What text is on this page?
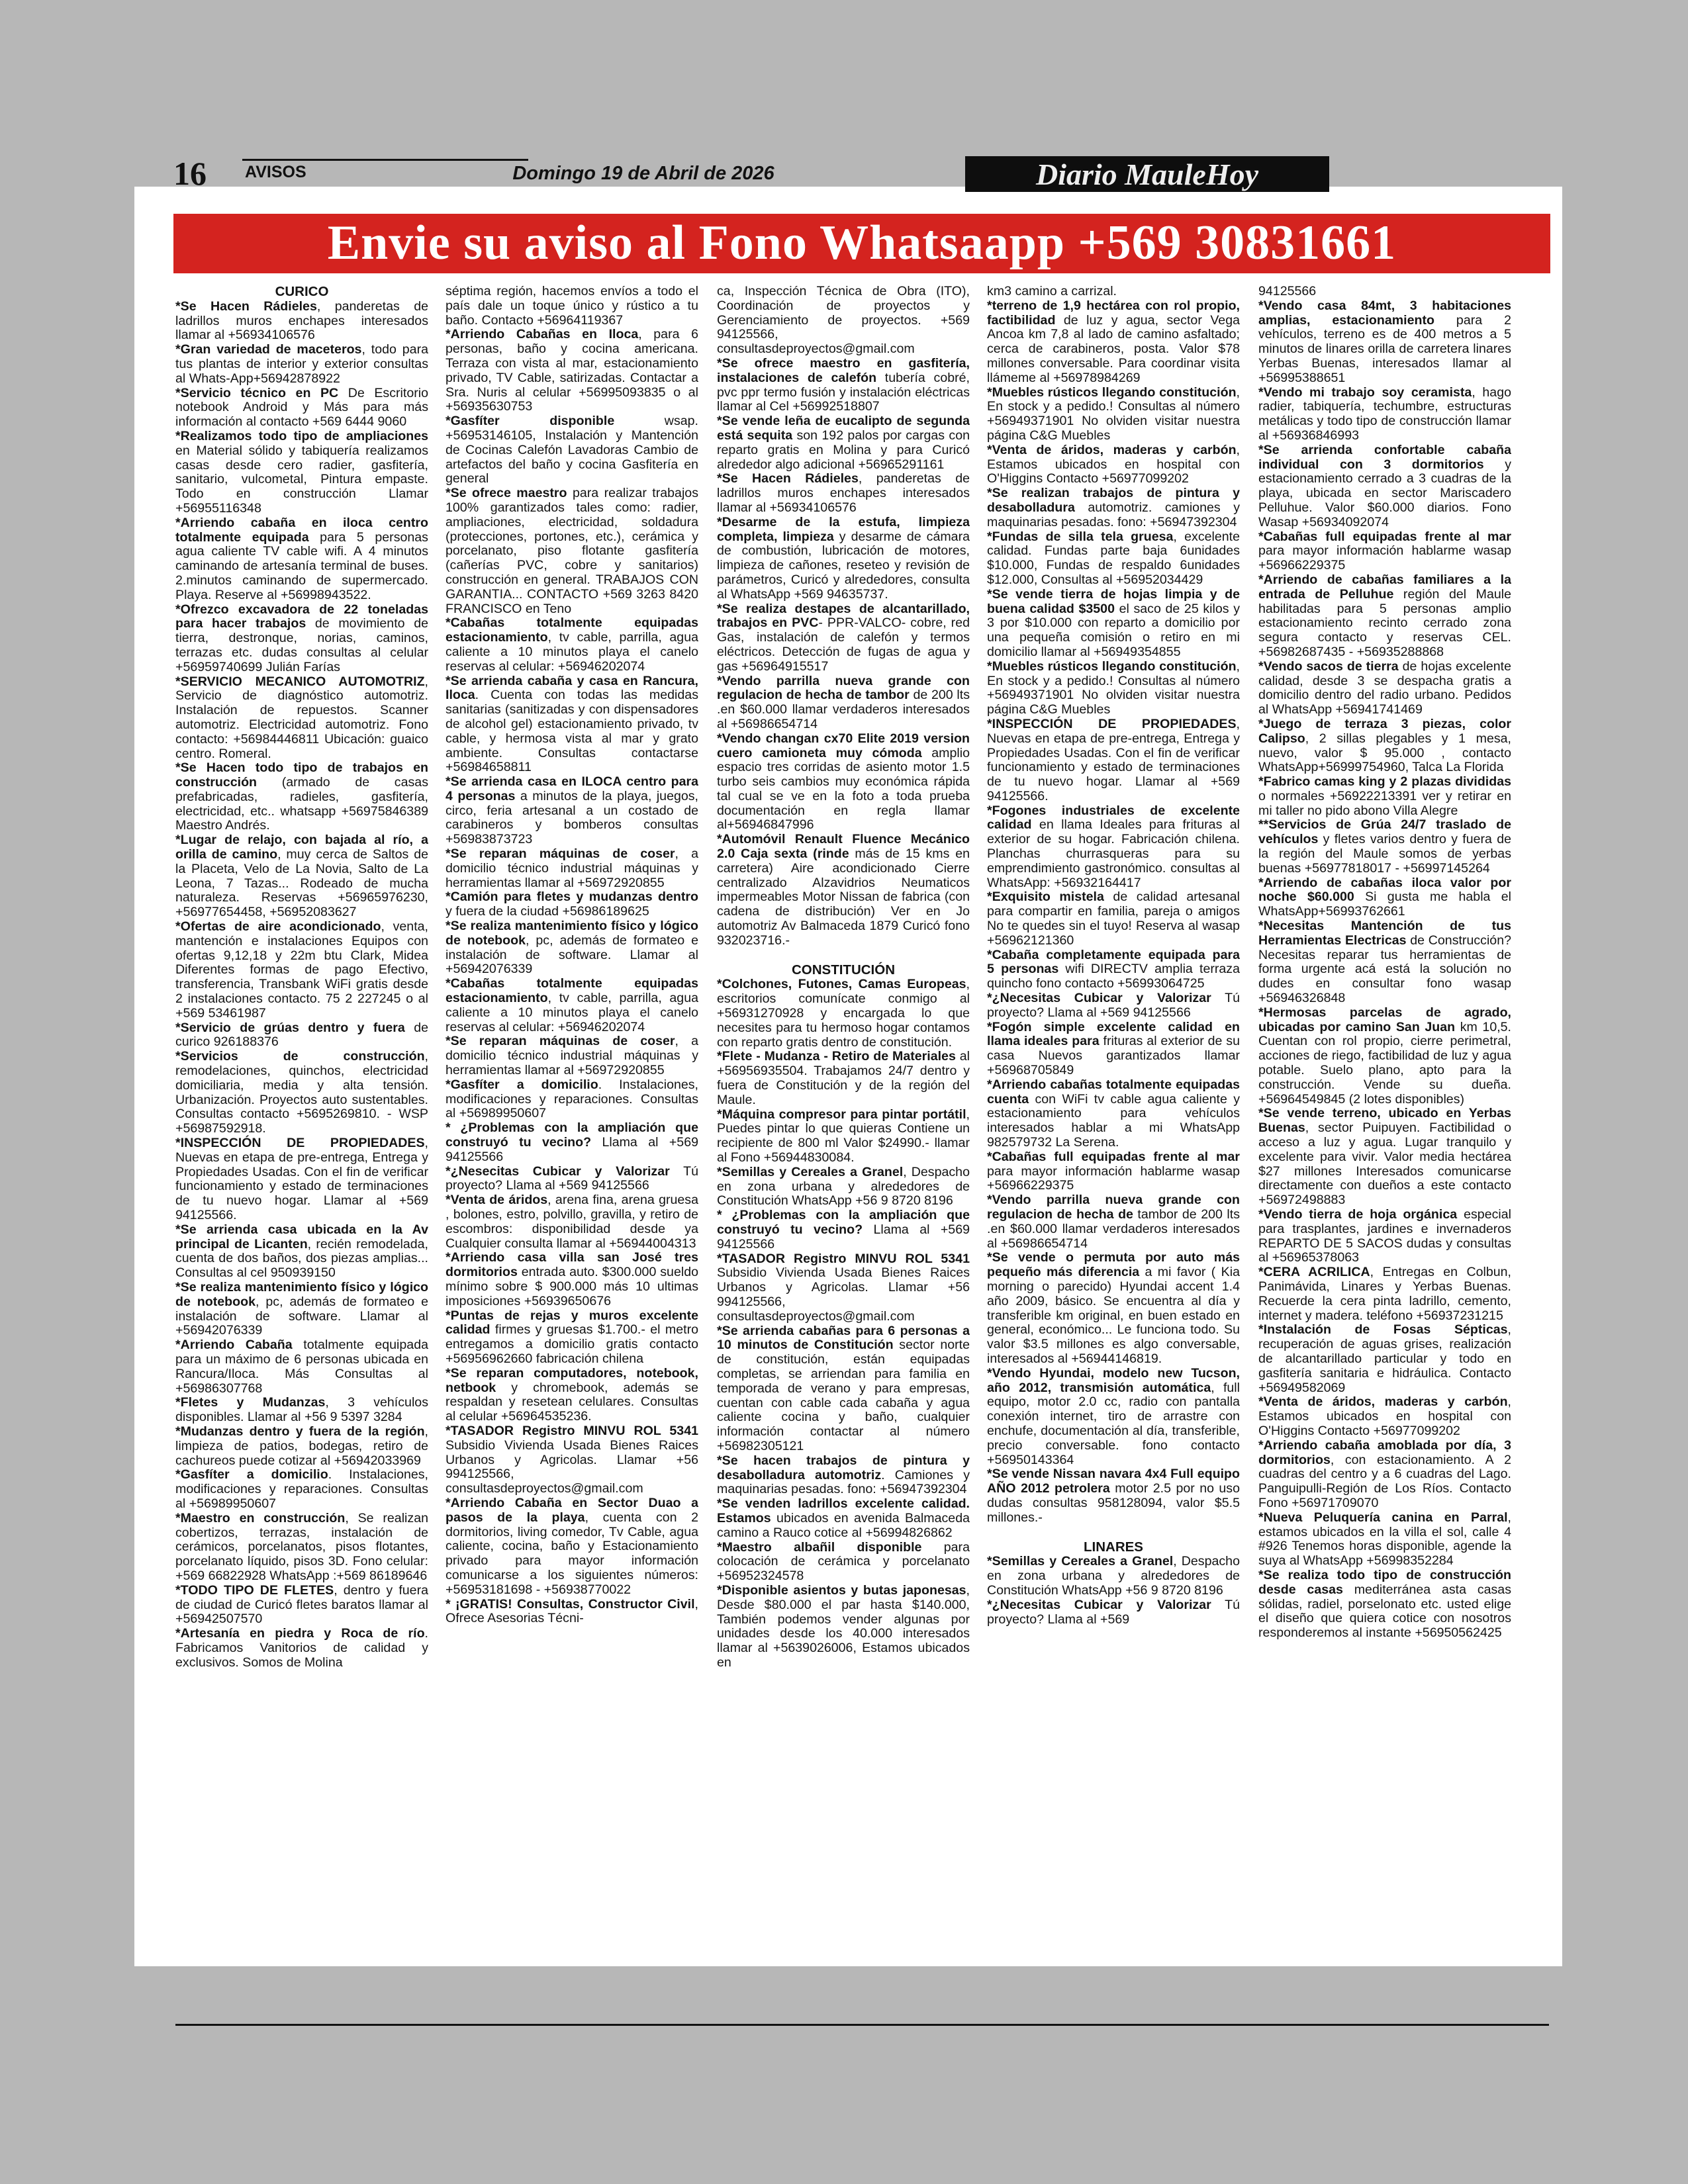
16 AVISOS	Domingo 19 de Abril de 2026	Diario MauleHoy
Envie su aviso al Fono Whatsaapp +569 30831661
CURICO

*Se Hacen Rádieles, panderetas de ladrillos muros enchapes interesados llamar al +56934106576

*Gran variedad de maceteros, todo para tus plantas de interior y exterior consultas al Whats-App+56942878922

*Servicio técnico en PC De Escritorio notebook Android y Más para más información al contacto +569 6444 9060

*Realizamos todo tipo de ampliaciones en Material sólido y tabiquería realizamos casas desde cero radier, gasfitería, sanitario, vulcometal, Pintura empaste. Todo en construcción Llamar +56955116348

*Arriendo cabaña en iloca centro totalmente equipada para 5 personas agua caliente TV cable wifi. A 4 minutos caminando de artesanía terminal de buses. 2.minutos caminando de supermercado. Playa. Reserve al +56998943522.

*Ofrezco excavadora de 22 toneladas para hacer trabajos de movimiento de tierra, destronque, norias, caminos, terrazas etc. dudas consultas al celular +56959740699 Julián Farías

*SERVICIO MECANICO AUTOMOTRIZ, Servicio de diagnóstico automotriz. Instalación de repuestos. Scanner automotriz. Electricidad automotriz. Fono contacto: +56984446811 Ubicación: guaico centro. Romeral.

*Se Hacen todo tipo de trabajos en construcción (armado de casas prefabricadas, radieles, gasfitería, electricidad, etc.. whatsapp +56975846389 Maestro Andrés.

*Lugar de relajo, con bajada al río, a orilla de camino, muy cerca de Saltos de la Placeta, Velo de La Novia, Salto de La Leona, 7 Tazas... Rodeado de mucha naturaleza. Reservas +56965976230, +56977654458, +56952083627

*Ofertas de aire acondicionado, venta, mantención e instalaciones Equipos con ofertas 9,12,18 y 22m btu Clark, Midea Diferentes formas de pago Efectivo, transferencia, Transbank WiFi gratis desde 2 instalaciones contacto. 75 2 227245 o al +569 53461987

*Servicio de grúas dentro y fuera de curico 926188376

*Servicios de construcción, remodelaciones, quinchos, electricidad domiciliaria, media y alta tensión. Urbanización. Proyectos auto sustentables. Consultas contacto +5695269810. - WSP +56987592918.

*INSPECCIÓN DE PROPIEDADES, Nuevas en etapa de pre-entrega, Entrega y Propiedades Usadas. Con el fin de verificar funcionamiento y estado de terminaciones de tu nuevo hogar. Llamar al +569 94125566.

*Se arrienda casa ubicada en la Av principal de Licanten, recién remodelada, cuenta de dos baños, dos piezas amplias... Consultas al cel 950939150

*Se realiza mantenimiento físico y lógico de notebook, pc, además de formateo e instalación de software. Llamar al +56942076339

*Arriendo Cabaña totalmente equipada para un máximo de 6 personas ubicada en Rancura/Iloca. Más Consultas al +56986307768

*Fletes y Mudanzas, 3 vehículos disponibles. Llamar al +56 9 5397 3284

*Mudanzas dentro y fuera de la región, limpieza de patios, bodegas, retiro de cachureos puede cotizar al +56942033969

*Gasfíter a domicilio. Instalaciones, modificaciones y reparaciones. Consultas al +56989950607

*Maestro en construcción, Se realizan cobertizos, terrazas, instalación de cerámicos, porcelanatos, pisos flotantes, porcelanato líquido, pisos 3D. Fono celular: +569 66822928 WhatsApp :+569 86189646

*TODO TIPO DE FLETES, dentro y fuera de ciudad de Curicó fletes baratos llamar al +56942507570

*Artesanía en piedra y Roca de río. Fabricamos Vanitorios de calidad y exclusivos. Somos de Molina

séptima región, hacemos envíos a todo el país dale un toque único y rústico a tu baño. Contacto +56964119367

*Arriendo Cabañas en Iloca, para 6 personas, baño y cocina americana. Terraza con vista al mar, estacionamiento privado, TV Cable, satirizadas. Contactar a Sra. Nuris al celular +56995093835 o al +56935630753

*Gasfíter disponible wsap. +56953146105, Instalación y Mantención de Cocinas Calefón Lavadoras Cambio de artefactos del baño y cocina Gasfitería en general

*Se ofrece maestro para realizar trabajos 100% garantizados tales como: radier, ampliaciones, electricidad, soldadura (protecciones, portones, etc.), cerámica y porcelanato, piso flotante gasfitería (cañerías PVC, cobre y sanitarios) construcción en general. TRABAJOS CON GARANTIA... CONTACTO +569 3263 8420 FRANCISCO en Teno

*Cabañas totalmente equipadas estacionamiento, tv cable, parrilla, agua caliente a 10 minutos playa el canelo reservas al celular: +56946202074

*Se arrienda cabaña y casa en Rancura, Iloca. Cuenta con todas las medidas sanitarias (sanitizadas y con dispensadores de alcohol gel) estacionamiento privado, tv cable, y hermosa vista al mar y grato ambiente. Consultas contactarse +56984658811

*Se arrienda casa en ILOCA centro para 4 personas a minutos de la playa, juegos, circo, feria artesanal a un costado de carabineros y bomberos consultas +56983873723

*Se reparan máquinas de coser, a domicilio técnico industrial máquinas y herramientas llamar al +56972920855

*Camión para fletes y mudanzas dentro y fuera de la ciudad +56986189625

*Se realiza mantenimiento físico y lógico de notebook, pc, además de formateo e instalación de software. Llamar al +56942076339

*Cabañas totalmente equipadas estacionamiento, tv cable, parrilla, agua caliente a 10 minutos playa el canelo reservas al celular: +56946202074

*Se reparan máquinas de coser, a domicilio técnico industrial máquinas y herramientas llamar al +56972920855

*Gasfíter a domicilio. Instalaciones, modificaciones y reparaciones. Consultas al +56989950607

* ¿Problemas con la ampliación que construyó tu vecino? Llama al +569 94125566

*¿Nesecitas Cubicar y Valorizar Tú proyecto? Llama al +569 94125566

*Venta de áridos, arena fina, arena gruesa , bolones, estro, polvillo, gravilla, y retiro de escombros: disponibilidad desde ya Cualquier consulta llamar al +56944004313

*Arriendo casa villa san José tres dormitorios entrada auto. $300.000 sueldo mínimo sobre $ 900.000 más 10 ultimas imposiciones +56939650676

*Puntas de rejas y muros excelente calidad firmes y gruesas $1.700.- el metro entregamos a domicilio gratis contacto +56956962660 fabricación chilena

*Se reparan computadores, notebook, netbook y chromebook, además se respaldan y resetean celulares. Consultas al celular +56964535236.

*TASADOR Registro MINVU ROL 5341 Subsidio Vivienda Usada Bienes Raices Urbanos y Agricolas. Llamar +56 994125566, consultasdeproyectos@gmail.com

*Arriendo Cabaña en Sector Duao a pasos de la playa, cuenta con 2 dormitorios, living comedor, Tv Cable, agua caliente, cocina, baño y Estacionamiento privado para mayor información comunicarse a los siguientes números: +56953181698 - +56938770022

* ¡GRATIS! Consultas, Constructor Civil, Ofrece Asesorias Técni-

ca, Inspección Técnica de Obra (ITO), Coordinación de proyectos y Gerenciamiento de proyectos. +569 94125566, consultasdeproyectos@gmail.com

*Se ofrece maestro en gasfitería, instalaciones de calefón tubería cobré, pvc ppr termo fusión y instalación eléctricas llamar al Cel +56992518807

*Se vende leña de eucalipto de segunda está sequita son 192 palos por cargas con reparto gratis en Molina y para Curicó alrededor algo adicional +56965291161

*Se Hacen Rádieles, panderetas de ladrillos muros enchapes interesados llamar al +56934106576

*Desarme de la estufa, limpieza completa, limpieza y desarme de cámara de combustión, lubricación de motores, limpieza de cañones, reseteo y revisión de parámetros, Curicó y alrededores, consulta al WhatsApp +569 94635737.

*Se realiza destapes de alcantarillado, trabajos en PVC- PPR-VALCO- cobre, red Gas, instalación de calefón y termos eléctricos. Detección de fugas de agua y gas +56964915517

*Vendo parrilla nueva grande con regulacion de hecha de tambor de 200 lts .en $60.000 llamar verdaderos interesados al +56986654714

*Vendo changan cx70 Elite 2019 version cuero camioneta muy cómoda amplio espacio tres corridas de asiento motor 1.5 turbo seis cambios muy económica rápida tal cual se ve en la foto a toda prueba documentación en regla llamar al+56946847996

*Automóvil Renault Fluence Mecánico 2.0 Caja sexta (rinde más de 15 kms en carretera) Aire acondicionado Cierre centralizado Alzavidrios Neumaticos impermeables Motor Nissan de fabrica (con cadena de distribución) Ver en Jo automotriz Av Balmaceda 1879 Curicó fono 932023716.-

CONSTITUCIÓN

*Colchones, Futones, Camas Europeas, escritorios comunícate conmigo al +56931270928 y encargada lo que necesites para tu hermoso hogar contamos con reparto gratis dentro de constitución.

*Flete - Mudanza - Retiro de Materiales al +56956935504. Trabajamos 24/7 dentro y fuera de Constitución y de la región del Maule.

*Máquina compresor para pintar portátil, Puedes pintar lo que quieras Contiene un recipiente de 800 ml Valor $24990.- llamar al Fono +56944830084.

*Semillas y Cereales a Granel, Despacho en zona urbana y alrededores de Constitución WhatsApp +56 9 8720 8196

* ¿Problemas con la ampliación que construyó tu vecino? Llama al +569 94125566

*TASADOR Registro MINVU ROL 5341 Subsidio Vivienda Usada Bienes Raices Urbanos y Agricolas. Llamar +56 994125566, consultasdeproyectos@gmail.com

*Se arrienda cabañas para 6 personas a 10 minutos de Constitución sector norte de constitución, están equipadas completas, se arriendan para familia en temporada de verano y para empresas, cuentan con cable cada cabaña y agua caliente cocina y baño, cualquier información contactar al número +56982305121

*Se hacen trabajos de pintura y desabolladura automotriz. Camiones y maquinarias pesadas. fono: +56947392304

*Se venden ladrillos excelente calidad. Estamos ubicados en avenida Balmaceda camino a Rauco cotice al +56994826862

*Maestro albañil disponible para colocación de cerámica y porcelanato +56952324578

*Disponible asientos y butas japonesas, Desde $80.000 el par hasta $140.000, También podemos vender algunas por unidades desde los 40.000 interesados llamar al +5639026006, Estamos ubicados en

km3 camino a carrizal.

*terreno de 1,9 hectárea con rol propio, factibilidad de luz y agua, sector Vega Ancoa km 7,8 al lado de camino asfaltado; cerca de carabineros, posta. Valor $78 millones conversable. Para coordinar visita llámeme al +56978984269

*Muebles rústicos llegando constitución, En stock y a pedido.! Consultas al número +56949371901 No olviden visitar nuestra página C&G Muebles

*Venta de áridos, maderas y carbón, Estamos ubicados en hospital con O'Higgins Contacto +56977099202

*Se realizan trabajos de pintura y desabolladura automotriz. camiones y maquinarias pesadas. fono: +56947392304

*Fundas de silla tela gruesa, excelente calidad. Fundas parte baja 6unidades $10.000, Fundas de respaldo 6unidades $12.000, Consultas al +56952034429

*Se vende tierra de hojas limpia y de buena calidad $3500 el saco de 25 kilos y 3 por $10.000 con reparto a domicilio por una pequeña comisión o retiro en mi domicilio llamar al +56949354855

*Muebles rústicos llegando constitución, En stock y a pedido.! Consultas al número +56949371901 No olviden visitar nuestra página C&G Muebles

*INSPECCIÓN DE PROPIEDADES, Nuevas en etapa de pre-entrega, Entrega y Propiedades Usadas. Con el fin de verificar funcionamiento y estado de terminaciones de tu nuevo hogar. Llamar al +569 94125566.

*Fogones industriales de excelente calidad en llama Ideales para frituras al exterior de su hogar. Fabricación chilena. Planchas churrasqueras para su emprendimiento gastronómico. consultas al WhatsApp: +56932164417

*Exquisito mistela de calidad artesanal para compartir en familia, pareja o amigos No te quedes sin el tuyo! Reserva al wasap +56962121360

*Cabaña completamente equipada para 5 personas wifi DIRECTV amplia terraza quincho fono contacto +56993064725

*¿Necesitas Cubicar y Valorizar Tú proyecto? Llama al +569 94125566

*Fogón simple excelente calidad en llama ideales para frituras al exterior de su casa Nuevos garantizados llamar +56968705849

*Arriendo cabañas totalmente equipadas cuenta con WiFi tv cable agua caliente y estacionamiento para vehículos interesados hablar a mi WhatsApp 982579732 La Serena.

*Cabañas full equipadas frente al mar para mayor información hablarme wasap +56966229375

*Vendo parrilla nueva grande con regulacion de hecha de tambor de 200 lts .en $60.000 llamar verdaderos interesados al +56986654714

*Se vende o permuta por auto más pequeño más diferencia a mi favor ( Kia morning o parecido) Hyundai accent 1.4 año 2009, básico. Se encuentra al día y transferible km original, en buen estado en general, económico... Le funciona todo. Su valor $3.5 millones es algo conversable, interesados al +56944146819.

*Vendo Hyundai, modelo new Tucson, año 2012, transmisión automática, full equipo, motor 2.0 cc, radio con pantalla conexión internet, tiro de arrastre con enchufe, documentación al día, transferible, precio conversable. fono contacto +56950143364

*Se vende Nissan navara 4x4 Full equipo AÑO 2012 petrolera motor 2.5 por no uso dudas consultas 958128094, valor $5.5 millones.-

LINARES

*Semillas y Cereales a Granel, Despacho en zona urbana y alrededores de Constitución WhatsApp +56 9 8720 8196

*¿Necesitas Cubicar y Valorizar Tú proyecto? Llama al +569

94125566

*Vendo casa 84mt, 3 habitaciones amplias, estacionamiento para 2 vehículos, terreno es de 400 metros a 5 minutos de linares orilla de carretera linares Yerbas Buenas, interesados llamar al +56995388651

*Vendo mi trabajo soy ceramista, hago radier, tabiquería, techumbre, estructuras metálicas y todo tipo de construcción llamar al +56936846993

*Se arrienda confortable cabaña individual con 3 dormitorios y estacionamiento cerrado a 3 cuadras de la playa, ubicada en sector Mariscadero Pelluhue. Valor $60.000 diarios. Fono Wasap +56934092074

*Cabañas full equipadas frente al mar para mayor información hablarme wasap +56966229375

*Arriendo de cabañas familiares a la entrada de Pelluhue región del Maule habilitadas para 5 personas amplio estacionamiento recinto cerrado zona segura contacto y reservas CEL. +56982687435 - +56935288868

*Vendo sacos de tierra de hojas excelente calidad, desde 3 se despacha gratis a domicilio dentro del radio urbano. Pedidos al WhatsApp +56941741469

*Juego de terraza 3 piezas, color Calipso, 2 sillas plegables y 1 mesa, nuevo, valor $ 95.000 , contacto WhatsApp+56999754960, Talca La Florida

*Fabrico camas king y 2 plazas divididas o normales +56922213391 ver y retirar en mi taller no pido abono Villa Alegre

**Servicios de Grúa 24/7 traslado de vehículos y fletes varios dentro y fuera de la región del Maule somos de yerbas buenas +56977818017 - +56997145264

*Arriendo de cabañas iloca valor por noche $60.000 Si gusta me habla el WhatsApp+56993762661

*Necesitas Mantención de tus Herramientas Electricas de Construcción? Necesitas reparar tus herramientas de forma urgente acá está la solución no dudes en consultar fono wasap +56946326848

*Hermosas parcelas de agrado, ubicadas por camino San Juan km 10,5. Cuentan con rol propio, cierre perimetral, acciones de riego, factibilidad de luz y agua potable. Suelo plano, apto para la construcción. Vende su dueña. +56964549845 (2 lotes disponibles)

*Se vende terreno, ubicado en Yerbas Buenas, sector Puipuyen. Factibilidad o acceso a luz y agua. Lugar tranquilo y excelente para vivir. Valor media hectárea $27 millones Interesados comunicarse directamente con dueños a este contacto +56972498883

*Vendo tierra de hoja orgánica especial para trasplantes, jardines e invernaderos REPARTO DE 5 SACOS dudas y consultas al +56965378063

*CERA ACRILICA, Entregas en Colbun, Panimávida, Linares y Yerbas Buenas. Recuerde la cera pinta ladrillo, cemento, internet y madera. teléfono +56937231215

*Instalación de Fosas Sépticas, recuperación de aguas grises, realización de alcantarillado particular y todo en gasfitería sanitaria e hidráulica. Contacto +56949582069

*Venta de áridos, maderas y carbón, Estamos ubicados en hospital con O'Higgins Contacto +56977099202

*Arriendo cabaña amoblada por día, 3 dormitorios, con estacionamiento. A 2 cuadras del centro y a 6 cuadras del Lago. Panguipulli-Región de Los Ríos. Contacto Fono +56971709070

*Nueva Peluquería canina en Parral, estamos ubicados en la villa el sol, calle 4 #926 Tenemos horas disponible, agende la suya al WhatsApp +56998352284

*Se realiza todo tipo de construcción desde casas mediterránea asta casas sólidas, radiel, porselonato etc. usted elige el diseño que quiera cotice con nosotros responderemos al instante +56950562425
